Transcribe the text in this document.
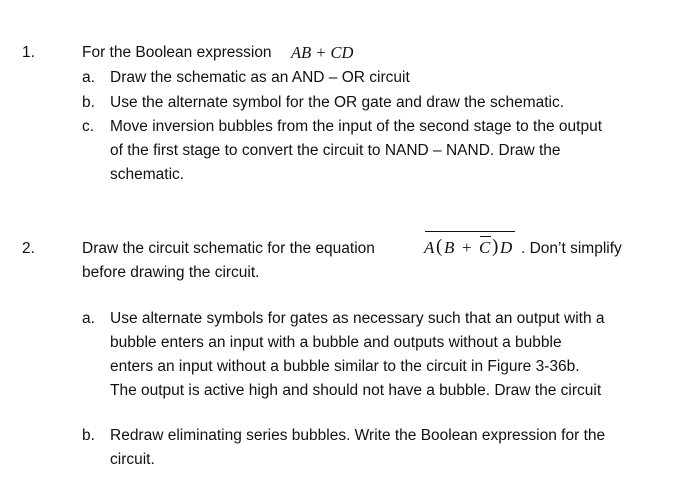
1.	For the Boolean expression AB + CD
a. Draw the schematic as an AND – OR circuit
b. Use the alternate symbol for the OR gate and draw the schematic.
c. Move inversion bubbles from the input of the second stage to the output
of the first stage to convert the circuit to NAND – NAND. Draw the
schematic.
2.	Draw the circuit schematic for the equation	A ( B + C ) D . Don’t simplify
before drawing the circuit.
a. Use alternate symbols for gates as necessary such that an output with a
bubble enters an input with a bubble and outputs without a bubble
enters an input without a bubble similar to the circuit in Figure 3-36b.
The output is active high and should not have a bubble. Draw the circuit
b. Redraw eliminating series bubbles. Write the Boolean expression for the
circuit.
